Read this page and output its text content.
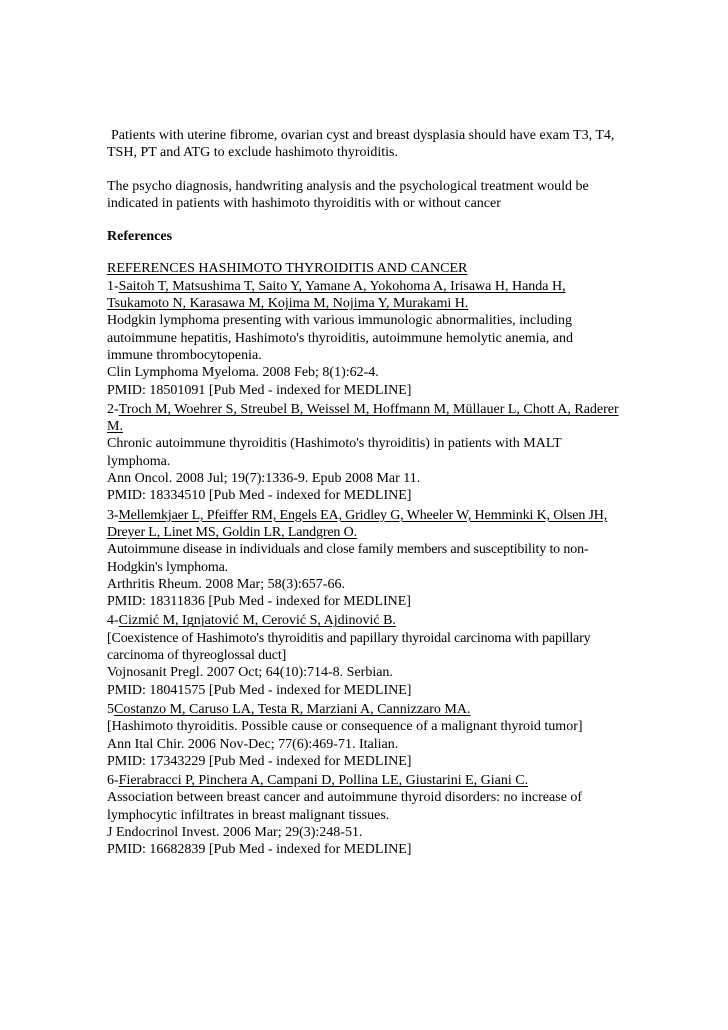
Patients with uterine fibrome, ovarian cyst and breast dysplasia should have exam T3, T4, TSH, PT and ATG to exclude hashimoto thyroiditis.

The psycho diagnosis, handwriting analysis and the psychological treatment would be indicated in patients with hashimoto thyroiditis with or without cancer

References
REFERENCES HASHIMOTO THYROIDITIS AND CANCER
1-Saitoh T, Matsushima T, Saito Y, Yamane A, Yokohoma A, Irisawa H, Handa H, Tsukamoto N, Karasawa M, Kojima M, Nojima Y, Murakami H.
Hodgkin lymphoma presenting with various immunologic abnormalities, including autoimmune hepatitis, Hashimoto's thyroiditis, autoimmune hemolytic anemia, and immune thrombocytopenia.
Clin Lymphoma Myeloma. 2008 Feb; 8(1):62-4.
PMID: 18501091 [Pub Med - indexed for MEDLINE]
2-Troch M, Woehrer S, Streubel B, Weissel M, Hoffmann M, Müllauer L, Chott A, Raderer M.
Chronic autoimmune thyroiditis (Hashimoto's thyroiditis) in patients with MALT lymphoma.
Ann Oncol. 2008 Jul; 19(7):1336-9. Epub 2008 Mar 11.
PMID: 18334510 [Pub Med - indexed for MEDLINE]
3-Mellemkjaer L, Pfeiffer RM, Engels EA, Gridley G, Wheeler W, Hemminki K, Olsen JH, Dreyer L, Linet MS, Goldin LR, Landgren O.
Autoimmune disease in individuals and close family members and susceptibility to non-Hodgkin's lymphoma.
Arthritis Rheum. 2008 Mar; 58(3):657-66.
PMID: 18311836 [Pub Med - indexed for MEDLINE]
4-Cizmić M, Ignjatović M, Cerović S, Ajdinović B.
[Coexistence of Hashimoto's thyroiditis and papillary thyroidal carcinoma with papillary carcinoma of thyreoglossal duct]
Vojnosanit Pregl. 2007 Oct; 64(10):714-8. Serbian.
PMID: 18041575 [Pub Med - indexed for MEDLINE]
5Costanzo M, Caruso LA, Testa R, Marziani A, Cannizzaro MA.
[Hashimoto thyroiditis. Possible cause or consequence of a malignant thyroid tumor]
Ann Ital Chir. 2006 Nov-Dec; 77(6):469-71. Italian.
PMID: 17343229 [Pub Med - indexed for MEDLINE]
6-Fierabracci P, Pinchera A, Campani D, Pollina LE, Giustarini E, Giani C.
Association between breast cancer and autoimmune thyroid disorders: no increase of lymphocytic infiltrates in breast malignant tissues.
J Endocrinol Invest. 2006 Mar; 29(3):248-51.
PMID: 16682839 [Pub Med - indexed for MEDLINE]
